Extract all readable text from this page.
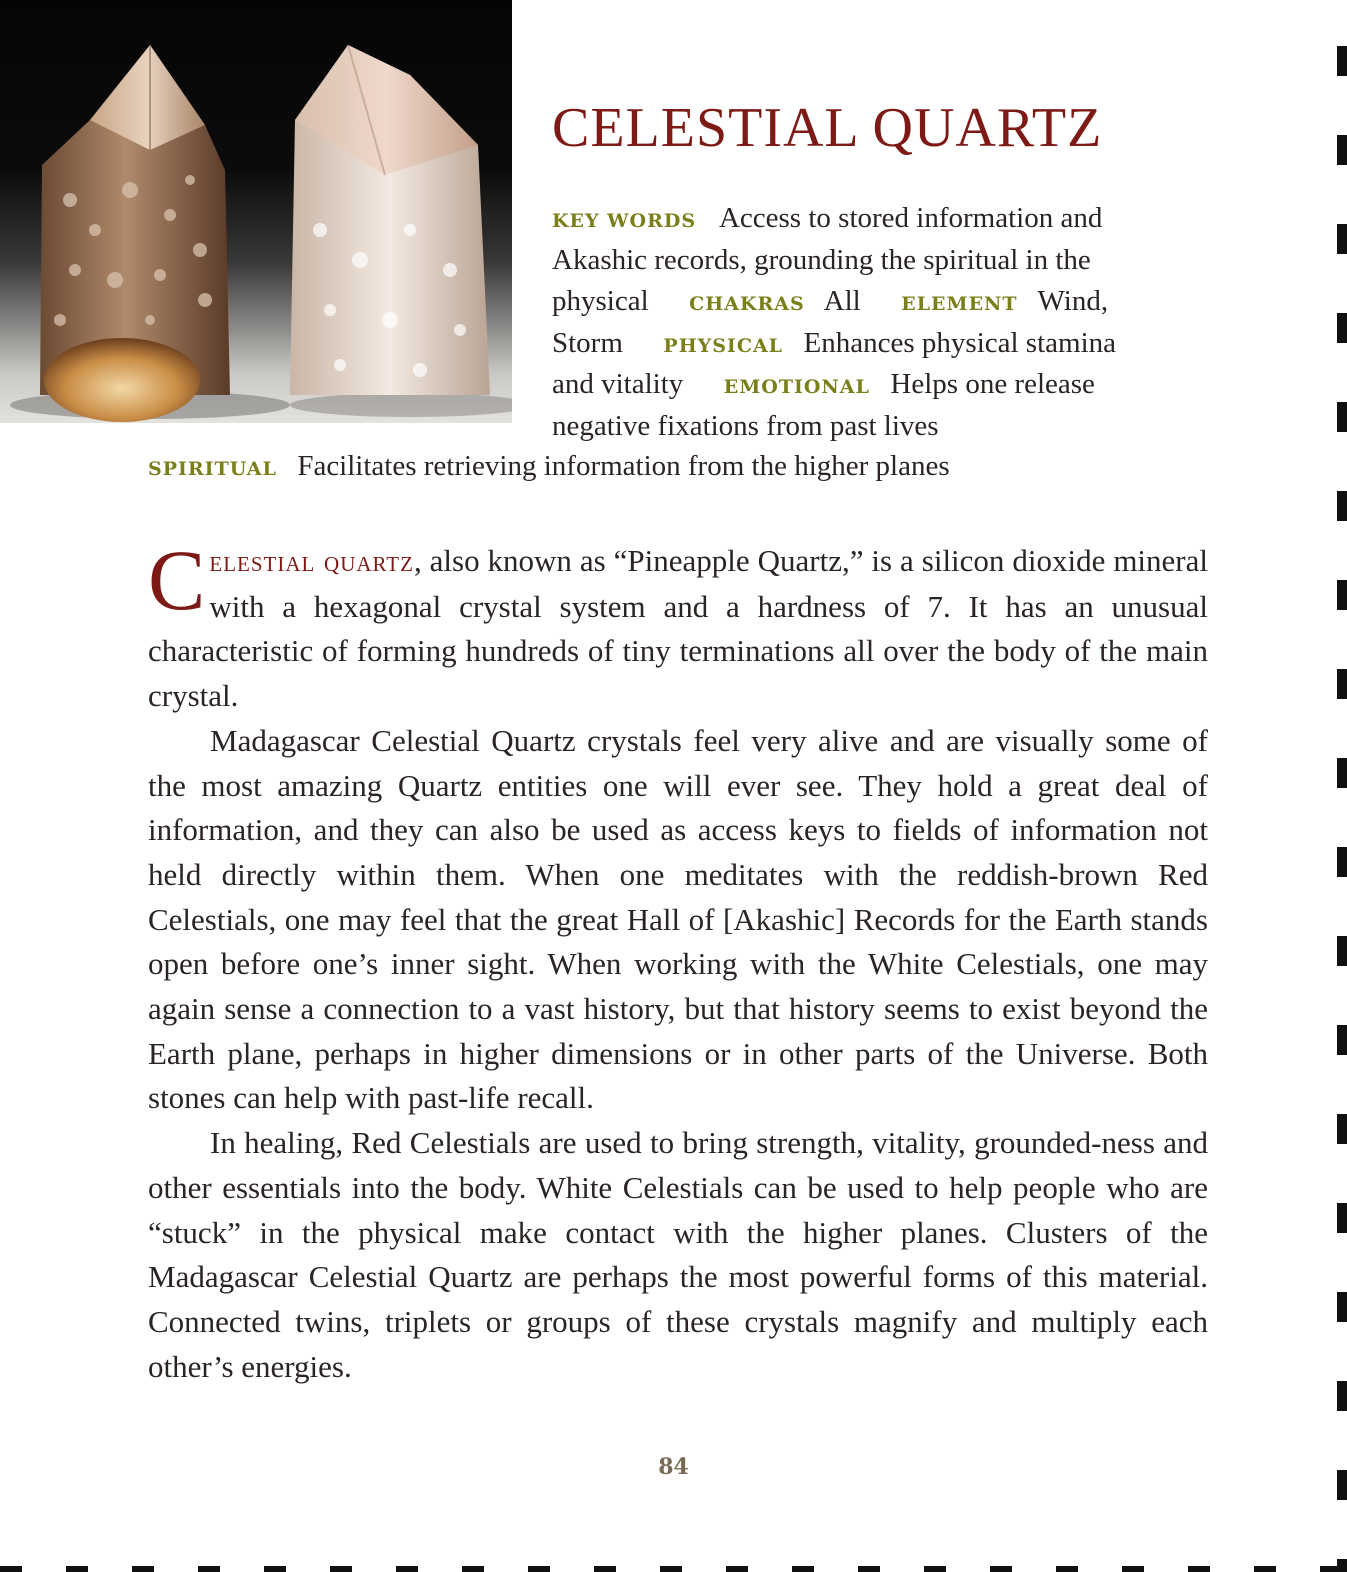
CELESTIAL QUARTZ
KEY WORDS Access to stored information and
Akashic records, grounding the spiritual in the
physical CHAKRAS All ELEMENT Wind,
Storm PHYSICAL Enhances physical stamina
and vitality EMOTIONAL Helps one release
negative fixations from past lives
SPIRITUAL Facilitates retrieving information from the higher planes

Celestial quartz, also known as “Pineapple Quartz,” is a silicon dioxide mineral with a hexagonal crystal system and a hardness of 7. It has an unusual characteristic of forming hundreds of tiny terminations all over the body of the main crystal.

Madagascar Celestial Quartz crystals feel very alive and are visually some of the most amazing Quartz entities one will ever see. They hold a great deal of information, and they can also be used as access keys to fields of information not held directly within them. When one meditates with the reddish-brown Red Celestials, one may feel that the great Hall of [Akashic] Records for the Earth stands open before one’s inner sight. When working with the White Celestials, one may again sense a connection to a vast history, but that history seems to exist beyond the Earth plane, perhaps in higher dimensions or in other parts of the Universe. Both stones can help with past-life recall.

In healing, Red Celestials are used to bring strength, vitality, grounded-ness and other essentials into the body. White Celestials can be used to help people who are “stuck” in the physical make contact with the higher planes. Clusters of the Madagascar Celestial Quartz are perhaps the most powerful forms of this material. Connected twins, triplets or groups of these crystals magnify and multiply each other’s energies.

84
